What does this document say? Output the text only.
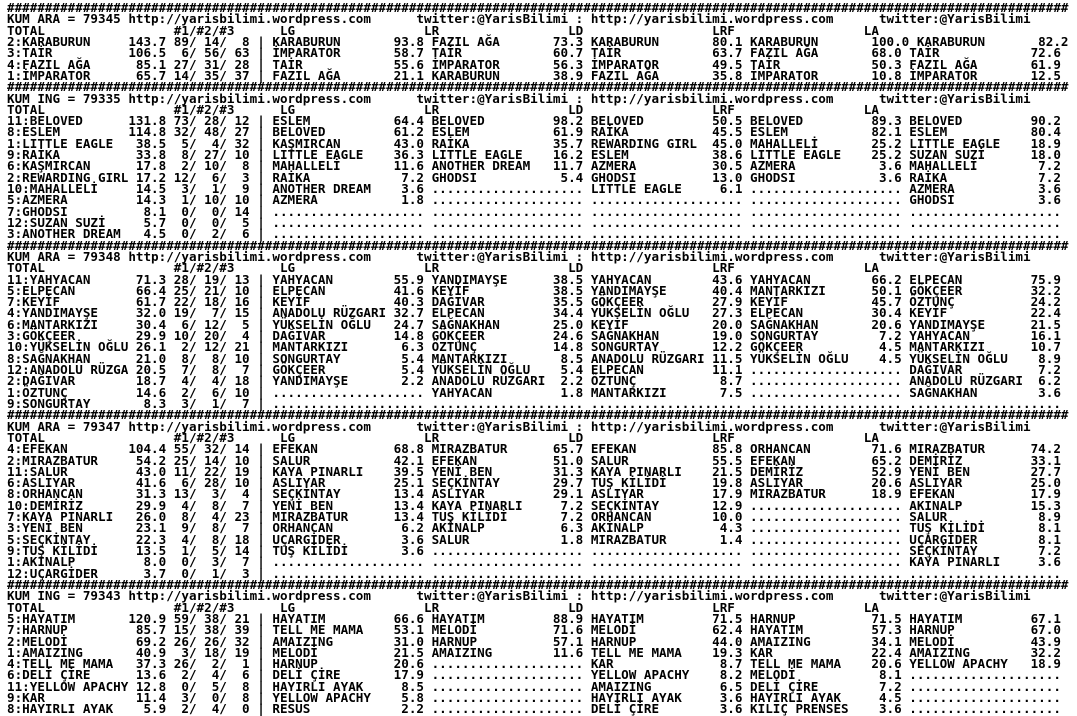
############################################################################################################################################
KUM ARA = 79345 http://yarisbilimi.wordpress.com      twitter:@YarisBilimi : http://yarisbilimi.wordpress.com      twitter:@YarisBilimi
TOTAL                 #1/#2/#3      LG                 LR                 LD                 LRF                 LA
2:KARABURUN     143.7 89/ 14/  8 | KARABURUN       93.8 FAZIL AĞA       73.3 KARABURUN       80.1 KARABURUN       100.0 KARABURUN       82.2
3:TAİR          106.5  6/ 56/ 63 | İMPARATOR       58.7 TAİR            60.7 TAİR            63.7 FAZIL AĞA       68.0 TAİR            72.6
4:FAZIL AĞA      85.1 27/ 31/ 28 | TAİR            55.6 İMPARATOR       56.3 İMPARATOR       49.5 TAİR            50.3 FAZIL AĞA       61.9
1:İMPARATOR      65.7 14/ 35/ 37 | FAZIL AĞA       21.1 KARABURUN       38.9 FAZIL AĞA       35.8 İMPARATOR       10.8 İMPARATOR       12.5
############################################################################################################################################
KUM ING = 79335 http://yarisbilimi.wordpress.com      twitter:@YarisBilimi : http://yarisbilimi.wordpress.com      twitter:@YarisBilimi
TOTAL                 #1/#2/#3      LG                 LR                 LD                 LRF                 LA
11:BELOVED      131.8 73/ 28/ 12 | ESLEM           64.4 BELOVED         98.2 BELOVED         50.5 BELOVED         89.3 BELOVED         90.2
8:ESLEM         114.8 32/ 48/ 27 | BELOVED         61.2 ESLEM           61.9 RAİKA           45.5 ESLEM           82.1 ESLEM           80.4
1:LITTLE EAGLE   38.5  5/  4/ 32 | KAŞMIRCAN       43.0 RAİKA           35.7 REWARDING GIRL  45.0 MAHALLELİ       25.2 LITTLE EAGLE    18.9
9:RAİKA          33.8  8/ 27/ 10 | LITTLE EAGLE    36.3 LITTLE EAGLE    16.2 ESLEM           38.6 LITTLE EAGLE    25.2 SUZAN SUZİ      18.0
6:KAŞMIRCAN      17.8  2/ 10/  8 | MAHALLELİ       11.6 ANOTHER DREAM   11.7 AZMERA          30.5 AZMERA           3.6 MAHALLELİ        7.2
2:REWARDING GIRL 17.2 12/  6/  3 | RAİKA            7.2 GHODSI           5.4 GHODSI          13.0 GHODSI           3.6 RAİKA            7.2
10:MAHALLELİ     14.5  3/  1/  9 | ANOTHER DREAM    3.6 .................... LITTLE EAGLE     6.1 .................... AZMERA           3.6
5:AZMERA         14.3  1/ 10/ 10 | AZMERA           1.8 .................... .................... .................... GHODSI           3.6
7:GHODSI          8.1  0/  0/ 14 | .................... .................... .................... .................... ....................
12:SUZAN SUZİ     5.7  0/  0/  5 | .................... .................... .................... .................... ....................
3:ANOTHER DREAM   4.5  0/  2/  6 | .................... .................... .................... .................... ....................
############################################################################################################################################
KUM ARA = 79348 http://yarisbilimi.wordpress.com      twitter:@YarisBilimi : http://yarisbilimi.wordpress.com      twitter:@YarisBilimi
TOTAL                 #1/#2/#3      LG                 LR                 LD                 LRF                 LA
11:YAHYACAN      71.3 28/ 19/ 13 | YAHYACAN        55.9 YANDIMAYŞE      38.5 YAHYACAN        43.6 YAHYACAN        66.2 ELPECAN         75.9
5:ELPECAN        66.4 25/ 21/ 10 | ELPECAN         41.6 KEYİF           38.5 YANDIMAYŞE      40.4 MANTARKIZI      50.1 GÖKÇEER         32.2
7:KEYİF          61.7 22/ 18/ 16 | KEYİF           40.3 DAĞIVAR         35.5 GÖKÇEER         27.9 KEYİF           45.7 ÖZTUNÇ          24.2
4:YANDIMAYŞE     32.0 19/  7/ 15 | ANADOLU RÜZGARI 32.7 ELPECAN         34.4 YÜKSELİN OĞLU   27.3 ELPECAN         30.4 KEYİF           22.4
6:MANTARKIZI     30.4  6/ 12/  5 | YÜKSELİN OĞLU   24.7 SAĞNAKHAN       25.0 KEYİF           20.0 SAĞNAKHAN       20.6 YANDIMAYŞE      21.5
3:GÖKÇEER        29.9 10/ 20/  4 | DAĞIVAR         14.8 GÖKÇEER         24.6 SAĞNAKHAN       19.0 SONGURTAY        7.2 YAHYACAN        16.1
10:YÜKSELİN OĞLU 26.1  2/ 12/ 21 | MANTARKIZI       6.3 ÖZTUNÇ          14.8 SONGURTAY       12.2 GÖKÇEER          4.5 MANTARKIZI      10.7
8:SAĞNAKHAN      21.0  8/  8/ 10 | SONGURTAY        5.4 MANTARKIZI       8.5 ANADOLU RÜZGARI 11.5 YÜKSELİN OĞLU    4.5 YÜKSELİN OĞLU    8.9
12:ANADOLU RÜZGA 20.5  7/  8/  7 | GÖKÇEER          5.4 YÜKSELİN OĞLU    5.4 ELPECAN         11.1 .................... DAĞIVAR          7.2
2:DAĞIVAR        18.7  4/  4/ 18 | YANDIMAYŞE       2.2 ANADOLU RÜZGARI  2.2 ÖZTUNÇ           8.7 .................... ANADOLU RÜZGARI  6.2
1:ÖZTUNÇ         14.6  2/  6/ 10 | .................... YAHYACAN         1.8 MANTARKIZI       7.5 .................... SAĞNAKHAN        3.6
9:SONGURTAY       8.3  3/  1/  7 | .................... .................... .................... .................... ....................
############################################################################################################################################
KUM ARA = 79347 http://yarisbilimi.wordpress.com      twitter:@YarisBilimi : http://yarisbilimi.wordpress.com      twitter:@YarisBilimi
TOTAL                 #1/#2/#3      LG                 LR                 LD                 LRF                 LA
4:EFEKAN        104.4 55/ 32/ 14 | EFEKAN          68.8 MIRAZBATUR      65.7 EFEKAN          85.8 ORHANCAN        71.6 MIRAZBATUR      74.2
2:MIRAZBATUR     54.2 25/ 14/ 10 | SALUR           42.1 EFEKAN          51.0 SALUR           55.5 EFEKAN          65.2 DEMİRİZ         33.1
11:SALUR         43.0 11/ 22/ 19 | KAYA PINARLI    39.5 YENİ BEN        31.3 KAYA PINARLI    21.5 DEMİRİZ         52.9 YENİ BEN        27.7
6:ASLIYAR        41.6  6/ 28/ 10 | ASLIYAR         25.1 SEÇKİNTAY       29.7 TUŞ KİLİDİ      19.8 ASLIYAR         20.6 ASLIYAR         25.0
8:ORHANCAN       31.3 13/  3/  4 | SEÇKİNTAY       13.4 ASLIYAR         29.1 ASLIYAR         17.9 MIRAZBATUR      18.9 EFEKAN          17.9
10:DEMİRİZ       29.9  4/  8/  7 | YENİ BEN        13.4 KAYA PINARLI     7.2 SEÇKİNTAY       12.9 .................... AKINALP         15.3
7:KAYA PINARLI   26.0  8/  4/ 23 | MIRAZBATUR      13.4 TUŞ KİLİDİ       7.2 ORHANCAN        10.0 .................... SALUR            8.9
3:YENİ BEN       23.1  9/  8/  7 | ORHANCAN         6.2 AKİNALP          6.3 AKİNALP          4.3 .................... TUŞ KİLİDİ       8.1
5:SEÇKİNTAY      22.3  4/  8/ 18 | UÇARGİDER        3.6 SALUR            1.8 MIRAZBATUR       1.4 .................... UÇARGİDER        8.1
9:TUŞ KİLİDİ     13.5  1/  5/ 14 | TUŞ KİLİDİ       3.6 .................... .................... .................... SEÇKİNTAY        7.2
1:AKINALP         8.0  0/  3/  7 | .................... .................... .................... .................... KAYA PINARLI     3.6
12:UÇARGİDER      3.7  0/  1/  3 | .................... .................... .................... .................... ....................
############################################################################################################################################
KUM ING = 79343 http://yarisbilimi.wordpress.com      twitter:@YarisBilimi : http://yarisbilimi.wordpress.com      twitter:@YarisBilimi
TOTAL                 #1/#2/#3      LG                 LR                 LD                 LRF                 LA
5:HAYATIM       120.9 59/ 38/ 21 | HAYATIM         66.6 HAYATIM         88.9 HAYATIM         71.5 HARNUP          71.5 HAYATIM         67.1
7:HARNUP         85.7 15/ 38/ 39 | TELL ME MAMA    53.1 MELODİ          71.6 MELODİ          62.4 HAYATIM         57.3 HARNUP          67.0
2:MELODİ         69.2 26/ 26/ 32 | AMAIZING        31.0 HARNUP          57.1 HARNUP          44.0 AMAIZING        34.1 MELODİ          43.9
1:AMAIZING       40.9  3/ 18/ 19 | MELODİ          21.5 AMAIZING        11.6 TELL ME MAMA    19.3 KAR             22.4 AMAIZING        32.2
4:TELL ME MAMA   37.3 26/  2/  1 | HARNUP          20.6 .................... KAR              8.7 TELL ME MAMA    20.6 YELLOW APACHY   18.9
6:DELİ ÇİRE      13.6  2/  4/  6 | DELİ ÇİRE       17.9 .................... YELLOW APACHY    8.2 MELODİ           8.1 ....................
11:YELLOW APACHY 12.8  0/  5/  8 | HAYIRLI AYAK     8.5 .................... AMAIZING         6.5 DELİ ÇİRE        7.2 ....................
9:KAR            11.4  3/  0/  8 | YELLOW APACHY    5.8 .................... HAYIRLI AYAK     3.6 HAYIRLI AYAK     4.5 ....................
8:HAYIRLI AYAK    5.9  2/  4/  0 | RESUS            2.2 .................... DELİ ÇİRE        3.6 KILIÇ PRENSES    3.6 ....................
